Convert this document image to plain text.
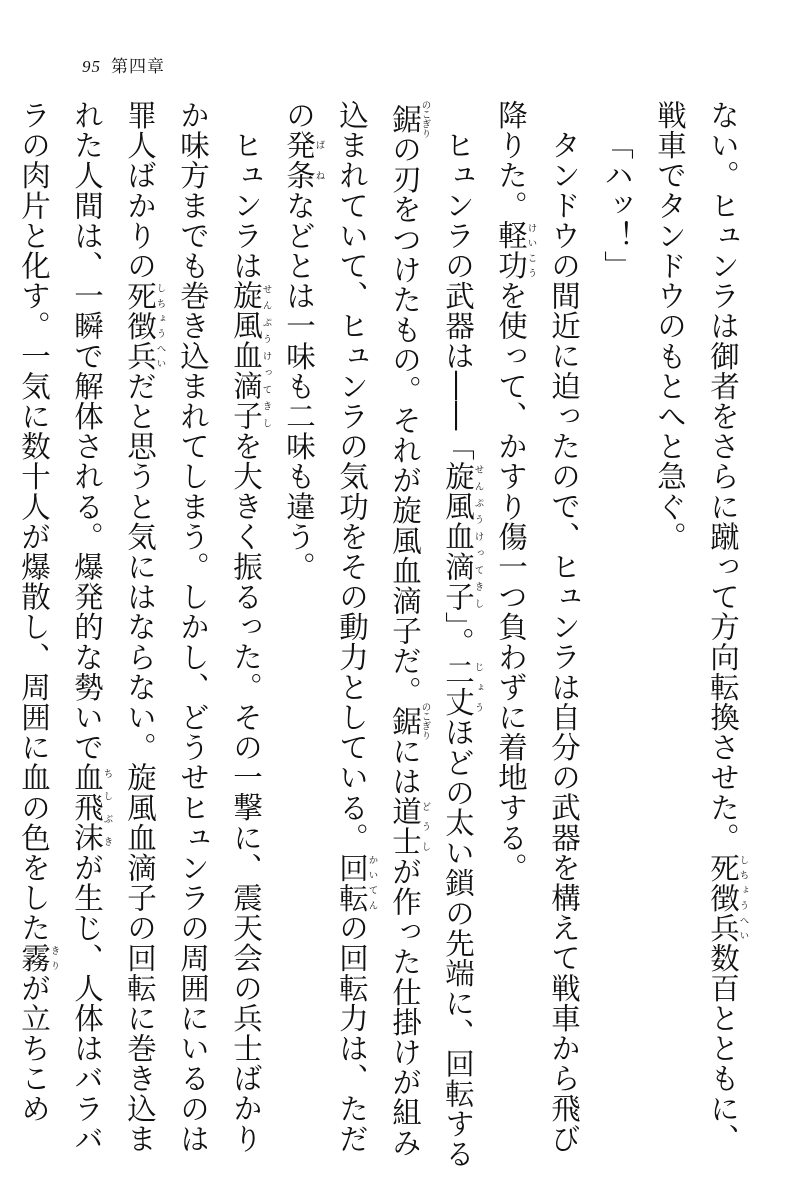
95 第四章

ない。ヒュンラは御者をさらに蹴って方向転換させた。死徴兵しちょうへい数百とともに、戦車でタンドウのもとへと急ぐ。

「ハッ！」

タンドウの間近に迫ったので、ヒュンラは自分の武器を構えて戦車から飛び降りた。軽功けいこうを使って、かすり傷一つ負わずに着地する。

ヒュンラの武器は――「旋風血滴子せんぷうけってきし」。二丈じょうほどの太い鎖の先端に、回転する鋸のこぎりの刃をつけたもの。それが旋風血滴子だ。鋸のこぎりには道士どうしが作った仕掛けが組み込まれていて、ヒュンラの気功をその動力としている。回転かいてんの回転力は、ただの発条ばねなどとは一味も二味も違う。

ヒュンラは旋風血滴子せんぷうけってきしを大きく振るった。その一撃に、震天会の兵士ばかりか味方までも巻き込まれてしまう。しかし、どうせヒュンラの周囲にいるのは罪人ばかりの死徴兵しちょうへいだと思うと気にはならない。旋風血滴子の回転に巻き込まれた人間は、一瞬で解体される。爆発的な勢いで血飛沫ちしぶきが生じ、人体はバラバラの肉片と化す。一気に数十人が爆散し、周囲に血の色をした霧きりが立ちこめ
